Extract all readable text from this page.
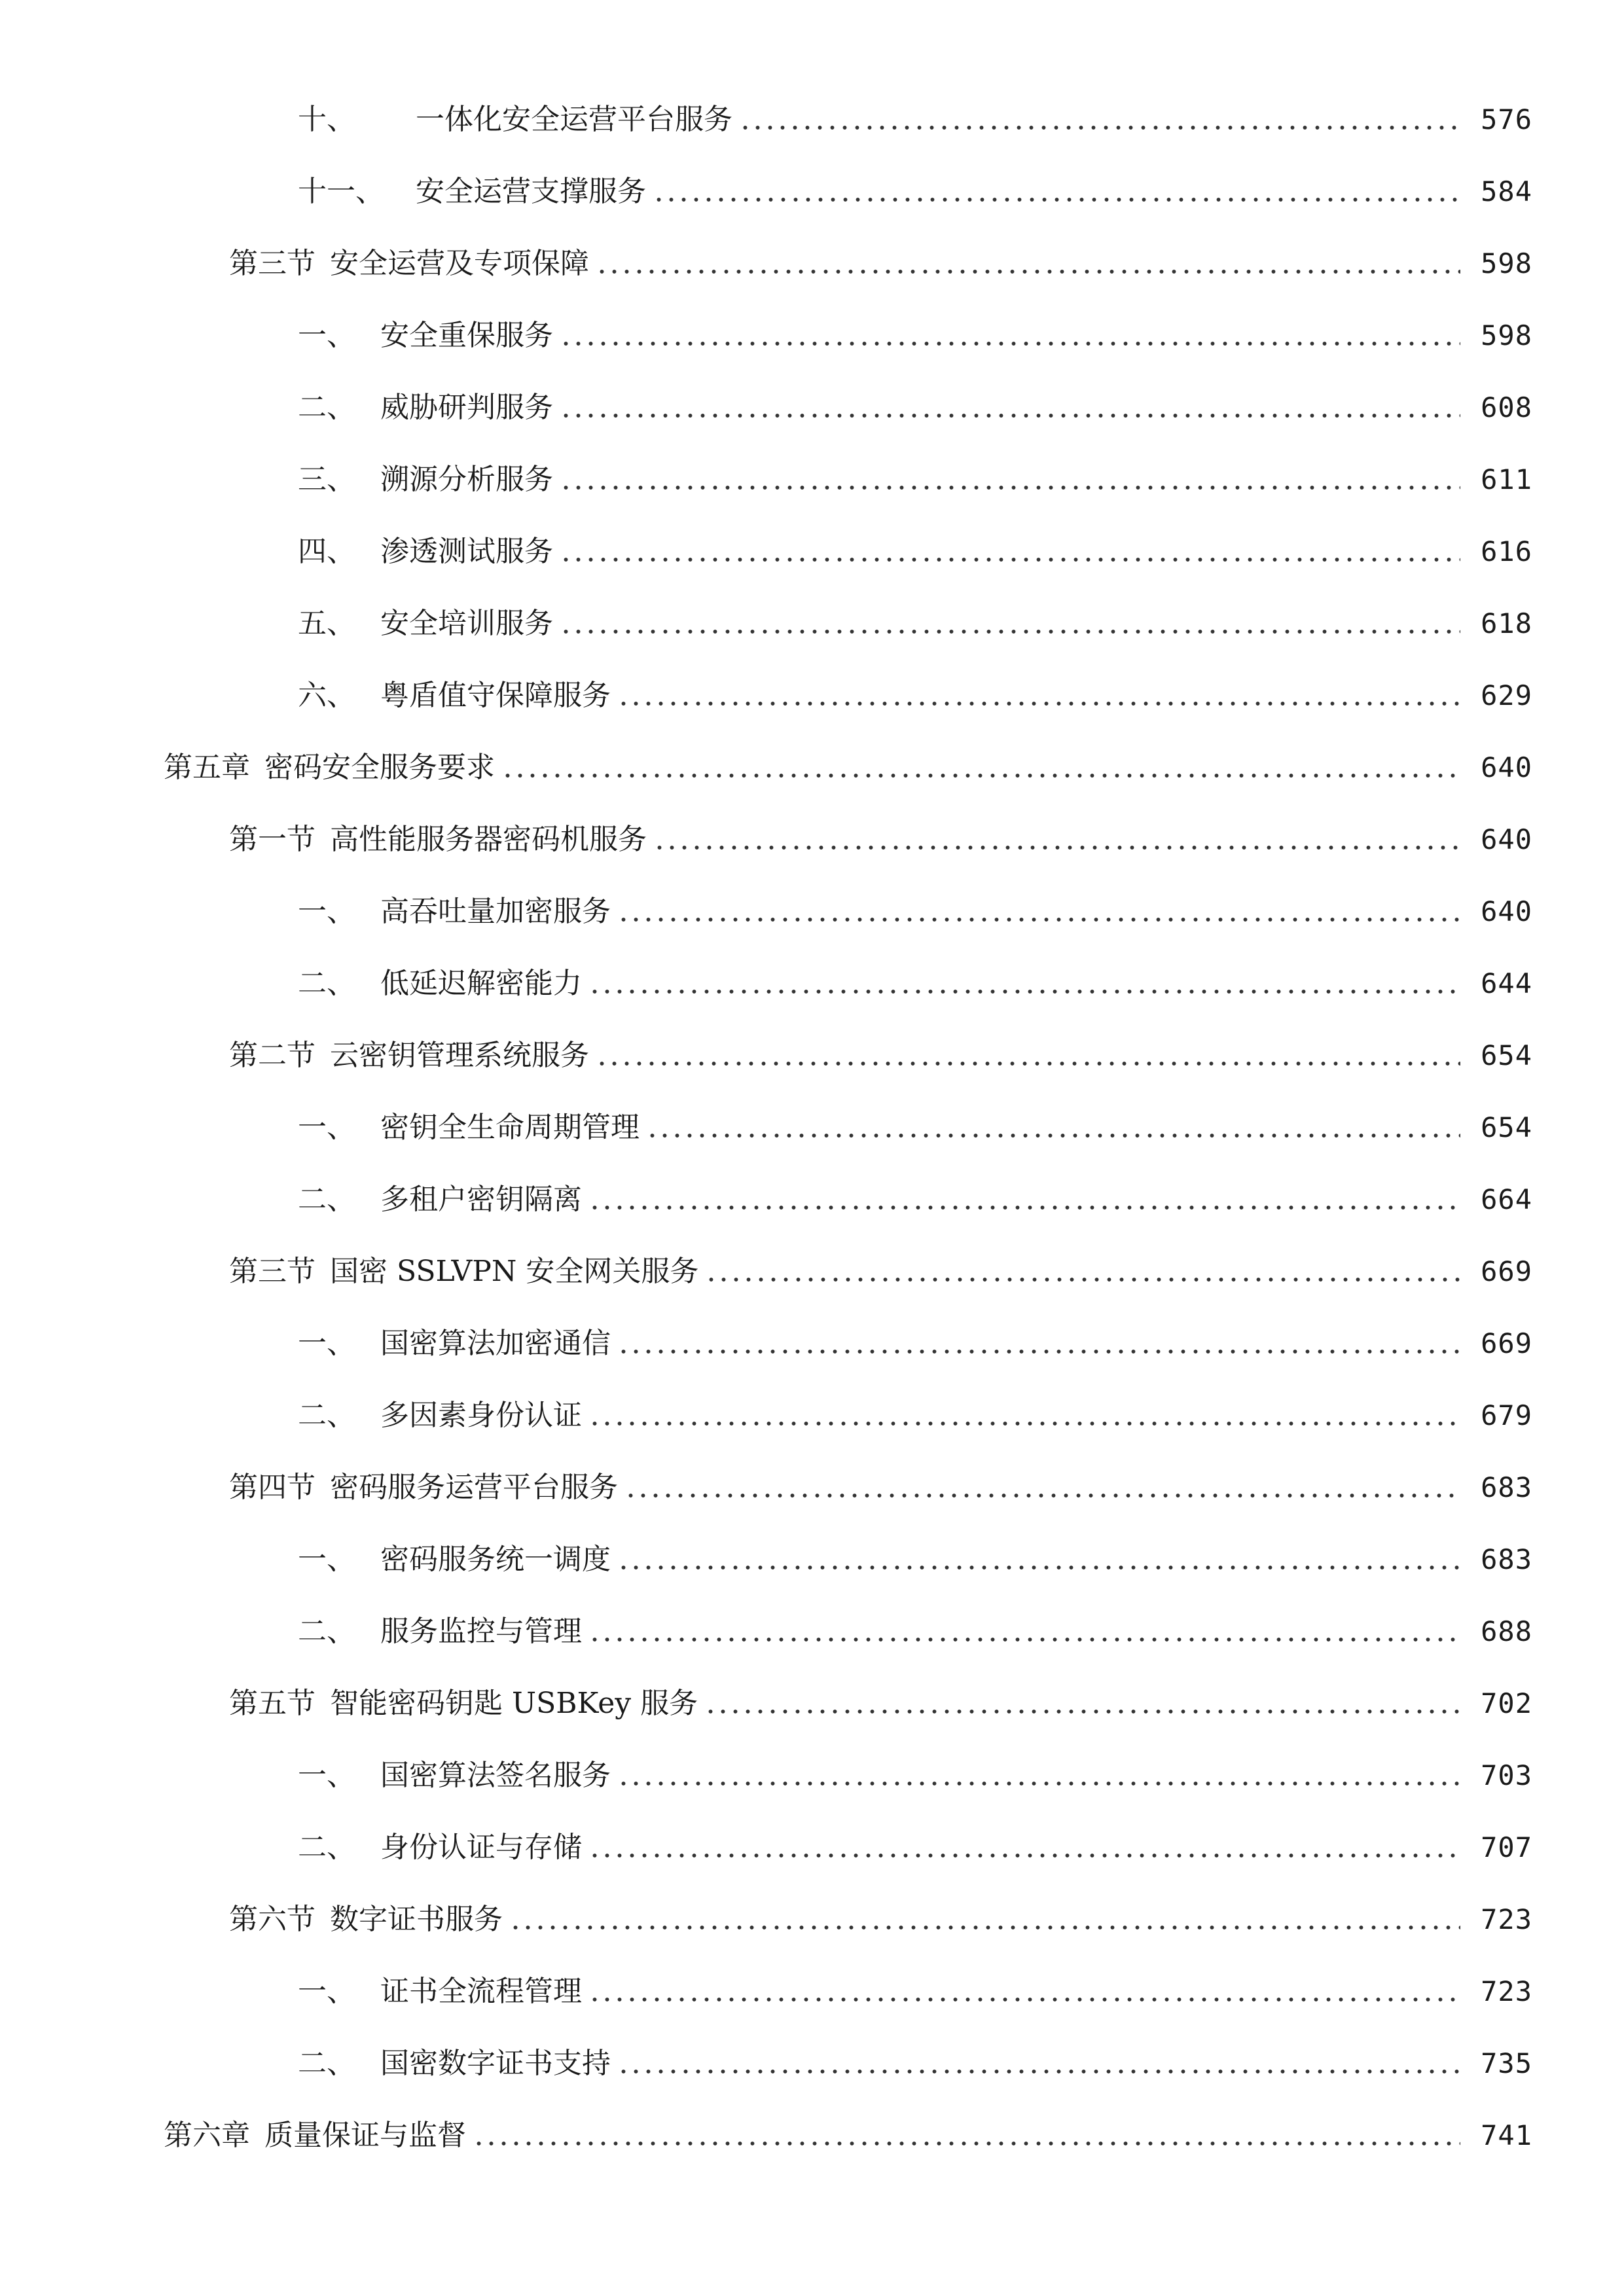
十、	一体化安全运营平台服务	576
十一、	安全运营支撑服务	584
第三节 安全运营及专项保障	598
一、 安全重保服务	598
二、 威胁研判服务	608
三、 溯源分析服务	611
四、 渗透测试服务	616
五、 安全培训服务	618
六、 粤盾值守保障服务	629
第五章 密码安全服务要求	640
第一节 高性能服务器密码机服务	640
一、 高吞吐量加密服务	640
二、 低延迟解密能力	644
第二节 云密钥管理系统服务	654
一、 密钥全生命周期管理	654
二、 多租户密钥隔离	664
第三节 国密 SSLVPN 安全网关服务	669
一、 国密算法加密通信	669
二、 多因素身份认证	679
第四节 密码服务运营平台服务	683
一、 密码服务统一调度	683
二、 服务监控与管理	688
第五节 智能密码钥匙 USBKey 服务	702
一、 国密算法签名服务	703
二、 身份认证与存储	707
第六节 数字证书服务	723
一、 证书全流程管理	723
二、 国密数字证书支持	735
第六章 质量保证与监督	741
